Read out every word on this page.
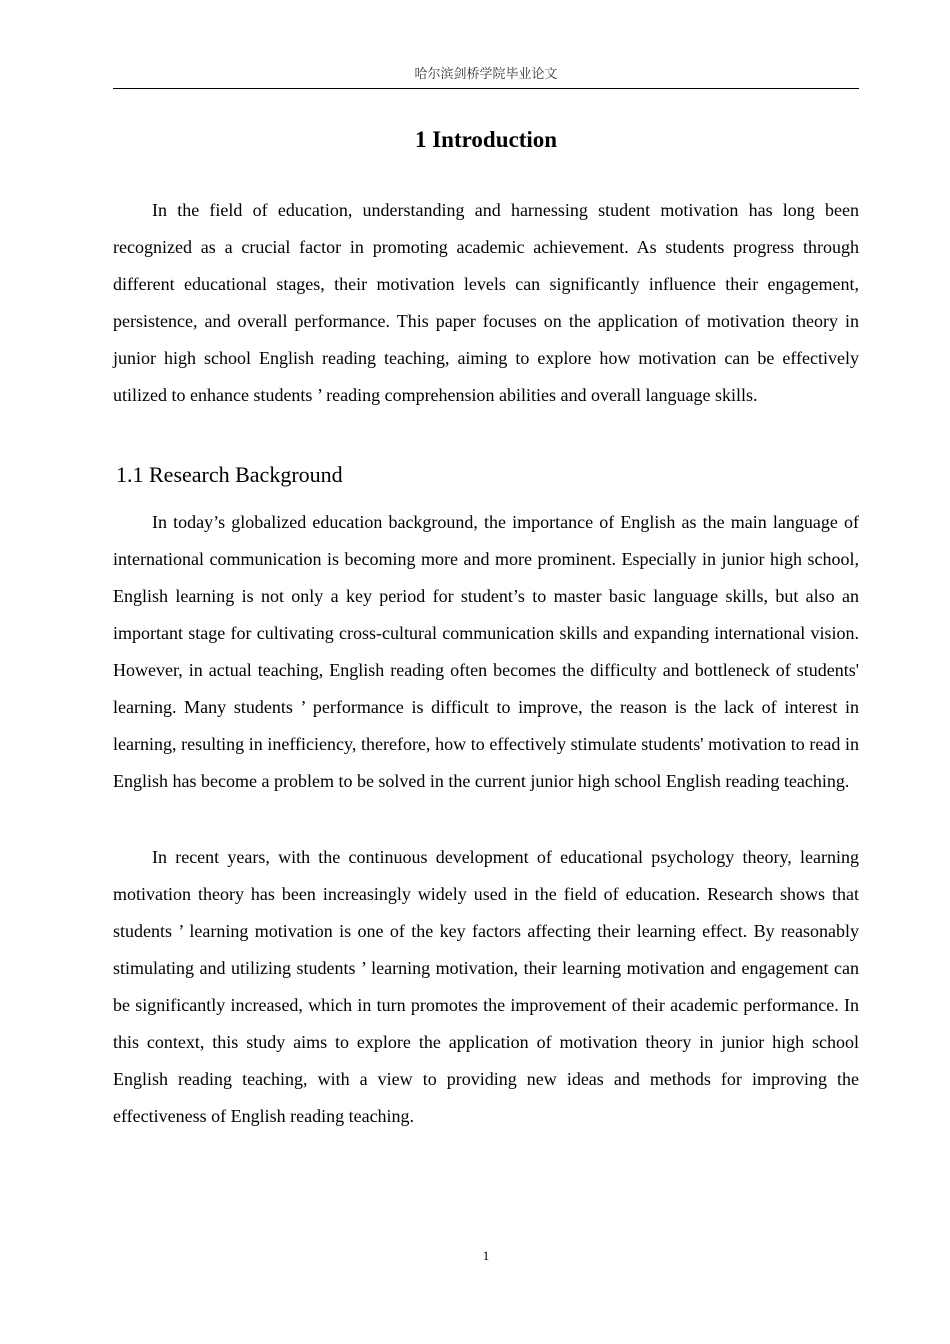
哈尔滨剑桥学院毕业论文
1 Introduction

In the field of education, understanding and harnessing student motivation has long been recognized as a crucial factor in promoting academic achievement. As students progress through different educational stages, their motivation levels can significantly influence their engagement, persistence, and overall performance. This paper focuses on the application of motivation theory in junior high school English reading teaching, aiming to explore how motivation can be effectively utilized to enhance students ’ reading comprehension abilities and overall language skills.

1.1 Research Background

In today’s globalized education background, the importance of English as the main language of international communication is becoming more and more prominent. Especially in junior high school, English learning is not only a key period for student’s to master basic language skills, but also an important stage for cultivating cross-cultural communication skills and expanding international vision. However, in actual teaching, English reading often becomes the difficulty and bottleneck of students' learning. Many students ’ performance is difficult to improve, the reason is the lack of interest in learning, resulting in inefficiency, therefore, how to effectively stimulate students' motivation to read in English has become a problem to be solved in the current junior high school English reading teaching.

In recent years, with the continuous development of educational psychology theory, learning motivation theory has been increasingly widely used in the field of education. Research shows that students ’ learning motivation is one of the key factors affecting their learning effect. By reasonably stimulating and utilizing students ’ learning motivation, their learning motivation and engagement can be significantly increased, which in turn promotes the improvement of their academic performance. In this context, this study aims to explore the application of motivation theory in junior high school English reading teaching, with a view to providing new ideas and methods for improving the effectiveness of English reading teaching.

1
